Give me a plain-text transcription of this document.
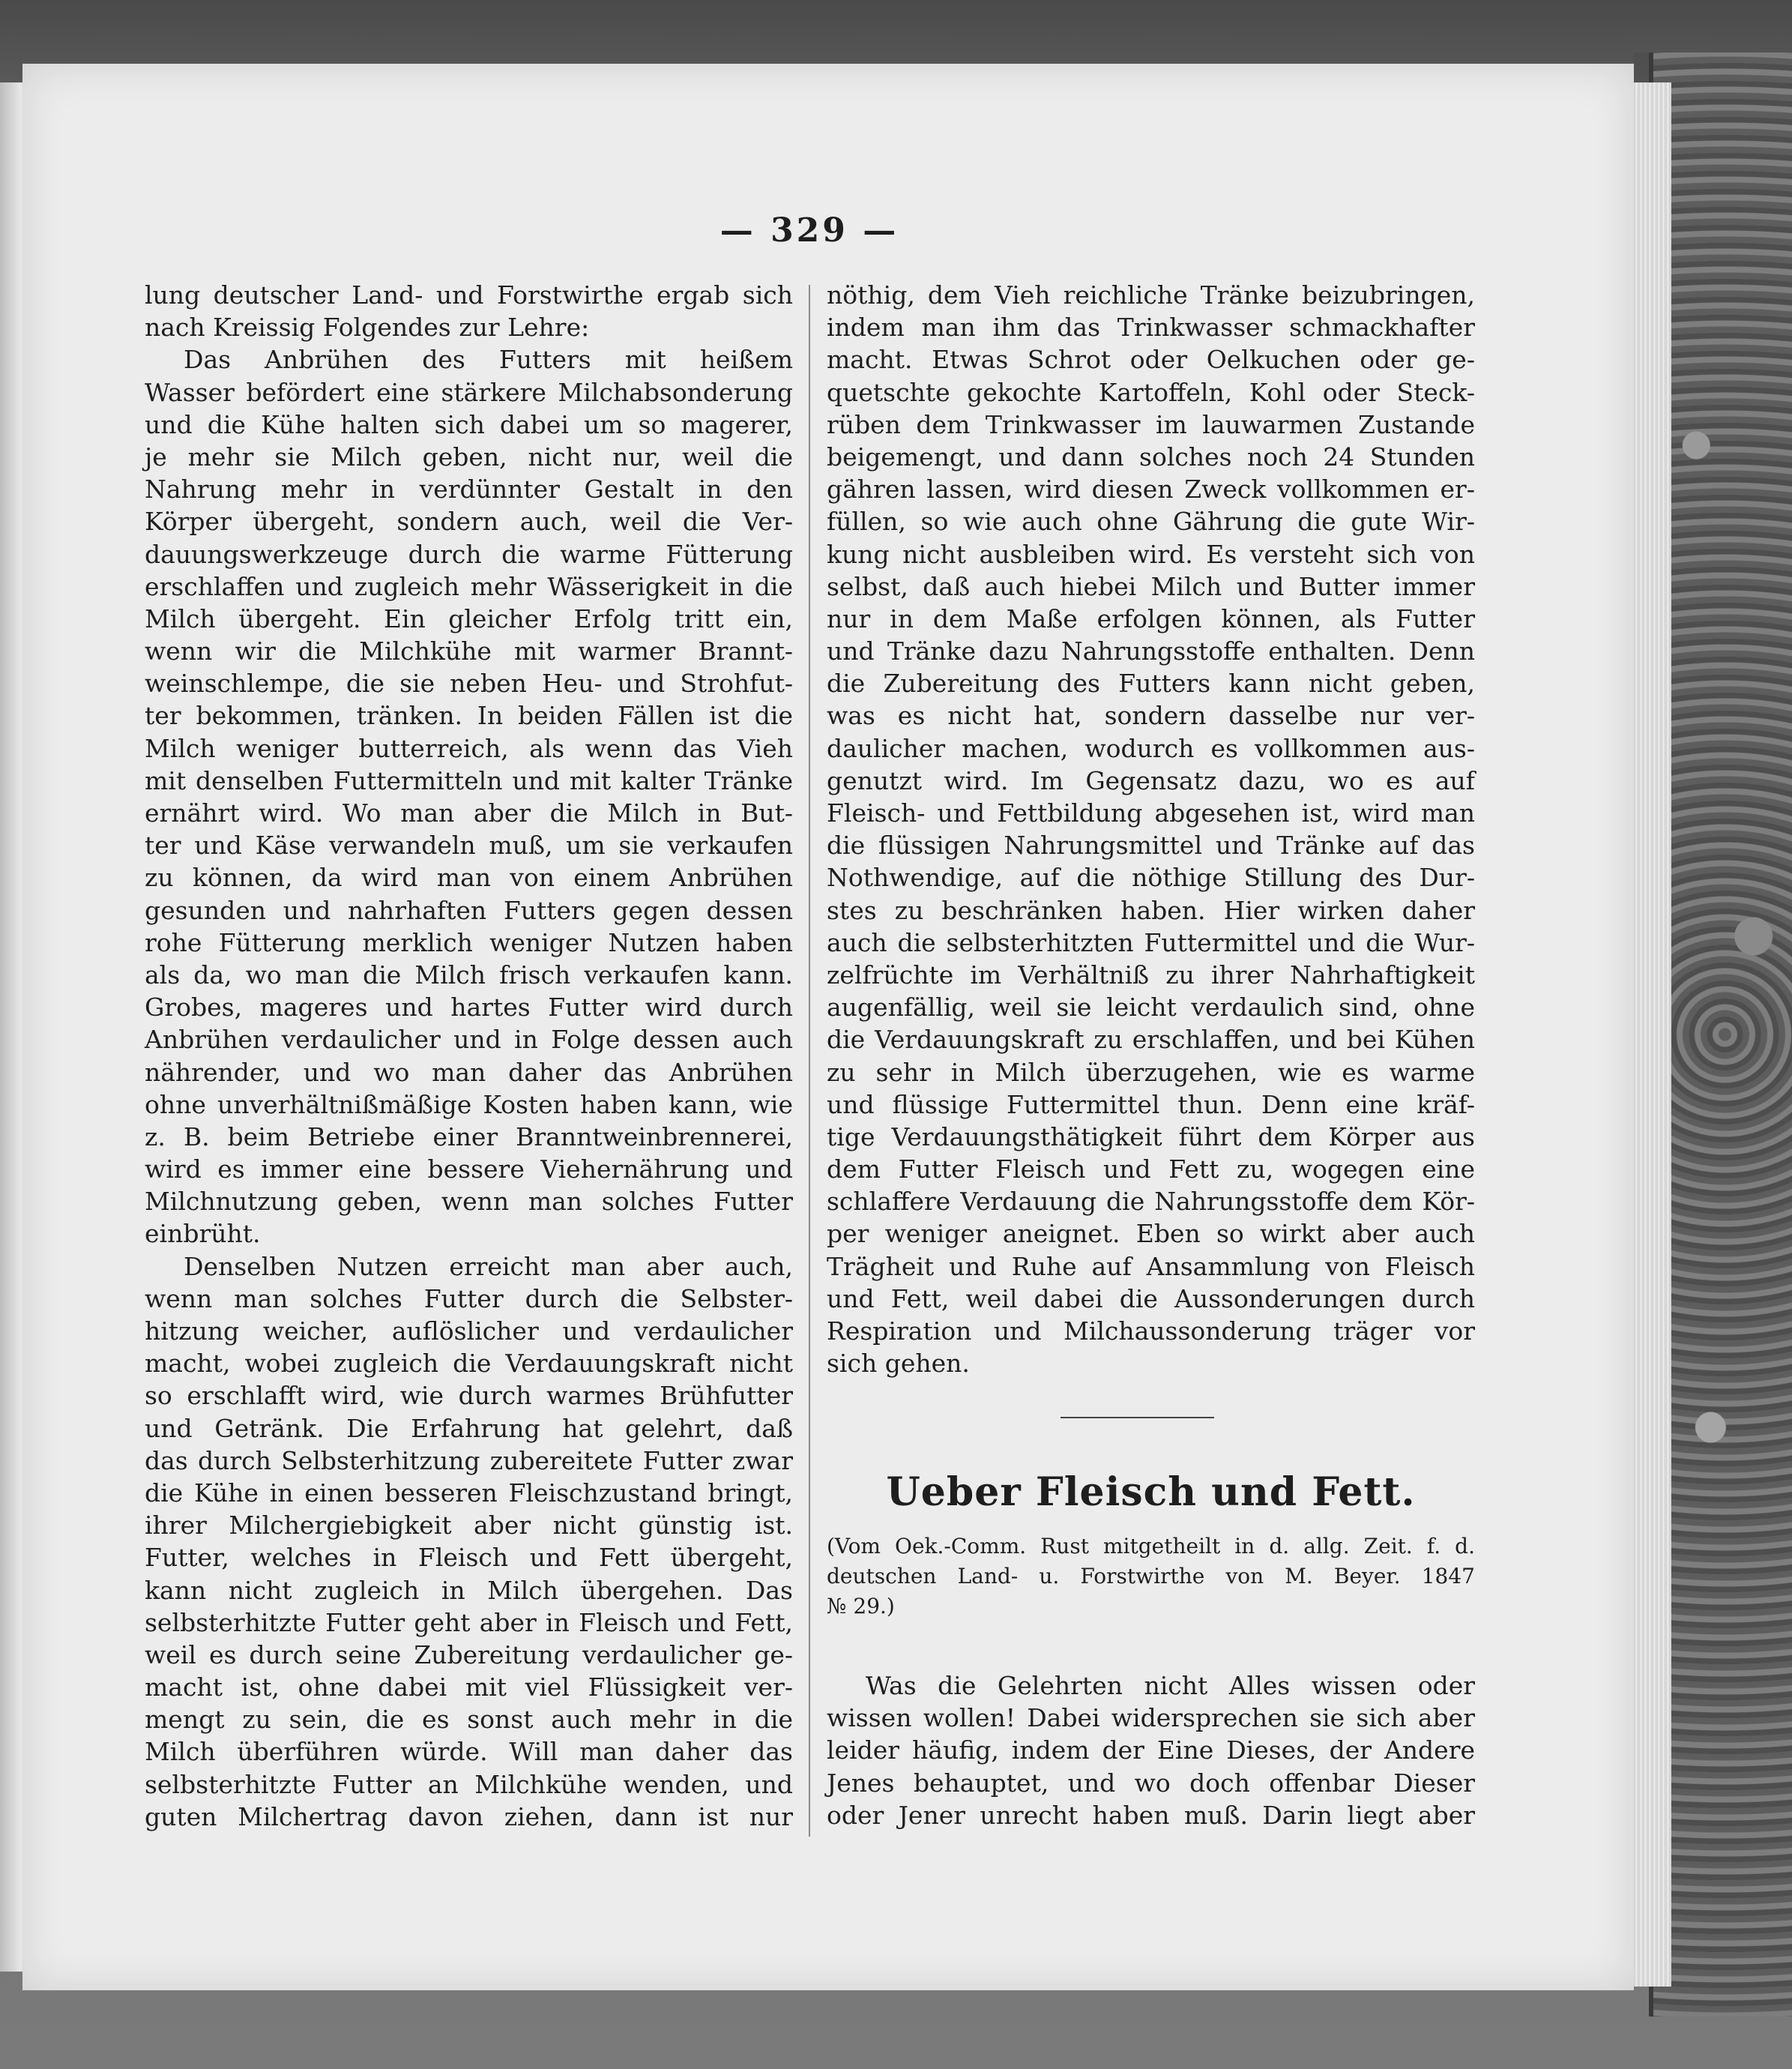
— 329 —
lung deutscher Land- und Forstwirthe ergab sich
nach Kreissig Folgendes zur Lehre:
Das Anbrühen des Futters mit heißem
Wasser befördert eine stärkere Milchabsonderung
und die Kühe halten sich dabei um so magerer,
je mehr sie Milch geben, nicht nur, weil die
Nahrung mehr in verdünnter Gestalt in den
Körper übergeht, sondern auch, weil die Ver-
dauungswerkzeuge durch die warme Fütterung
erschlaffen und zugleich mehr Wässerigkeit in die
Milch übergeht. Ein gleicher Erfolg tritt ein,
wenn wir die Milchkühe mit warmer Brannt-
weinschlempe, die sie neben Heu- und Strohfut-
ter bekommen, tränken. In beiden Fällen ist die
Milch weniger butterreich, als wenn das Vieh
mit denselben Futtermitteln und mit kalter Tränke
ernährt wird. Wo man aber die Milch in But-
ter und Käse verwandeln muß, um sie verkaufen
zu können, da wird man von einem Anbrühen
gesunden und nahrhaften Futters gegen dessen
rohe Fütterung merklich weniger Nutzen haben
als da, wo man die Milch frisch verkaufen kann.
Grobes, mageres und hartes Futter wird durch
Anbrühen verdaulicher und in Folge dessen auch
nährender, und wo man daher das Anbrühen
ohne unverhältnißmäßige Kosten haben kann, wie
z. B. beim Betriebe einer Branntweinbrennerei,
wird es immer eine bessere Viehernährung und
Milchnutzung geben, wenn man solches Futter
einbrüht.
Denselben Nutzen erreicht man aber auch,
wenn man solches Futter durch die Selbster-
hitzung weicher, auflöslicher und verdaulicher
macht, wobei zugleich die Verdauungskraft nicht
so erschlafft wird, wie durch warmes Brühfutter
und Getränk. Die Erfahrung hat gelehrt, daß
das durch Selbsterhitzung zubereitete Futter zwar
die Kühe in einen besseren Fleischzustand bringt,
ihrer Milchergiebigkeit aber nicht günstig ist.
Futter, welches in Fleisch und Fett übergeht,
kann nicht zugleich in Milch übergehen. Das
selbsterhitzte Futter geht aber in Fleisch und Fett,
weil es durch seine Zubereitung verdaulicher ge-
macht ist, ohne dabei mit viel Flüssigkeit ver-
mengt zu sein, die es sonst auch mehr in die
Milch überführen würde. Will man daher das
selbsterhitzte Futter an Milchkühe wenden, und
guten Milchertrag davon ziehen, dann ist nur
nöthig, dem Vieh reichliche Tränke beizubringen,
indem man ihm das Trinkwasser schmackhafter
macht. Etwas Schrot oder Oelkuchen oder ge-
quetschte gekochte Kartoffeln, Kohl oder Steck-
rüben dem Trinkwasser im lauwarmen Zustande
beigemengt, und dann solches noch 24 Stunden
gähren lassen, wird diesen Zweck vollkommen er-
füllen, so wie auch ohne Gährung die gute Wir-
kung nicht ausbleiben wird. Es versteht sich von
selbst, daß auch hiebei Milch und Butter immer
nur in dem Maße erfolgen können, als Futter
und Tränke dazu Nahrungsstoffe enthalten. Denn
die Zubereitung des Futters kann nicht geben,
was es nicht hat, sondern dasselbe nur ver-
daulicher machen, wodurch es vollkommen aus-
genutzt wird. Im Gegensatz dazu, wo es auf
Fleisch- und Fettbildung abgesehen ist, wird man
die flüssigen Nahrungsmittel und Tränke auf das
Nothwendige, auf die nöthige Stillung des Dur-
stes zu beschränken haben. Hier wirken daher
auch die selbsterhitzten Futtermittel und die Wur-
zelfrüchte im Verhältniß zu ihrer Nahrhaftigkeit
augenfällig, weil sie leicht verdaulich sind, ohne
die Verdauungskraft zu erschlaffen, und bei Kühen
zu sehr in Milch überzugehen, wie es warme
und flüssige Futtermittel thun. Denn eine kräf-
tige Verdauungsthätigkeit führt dem Körper aus
dem Futter Fleisch und Fett zu, wogegen eine
schlaffere Verdauung die Nahrungsstoffe dem Kör-
per weniger aneignet. Eben so wirkt aber auch
Trägheit und Ruhe auf Ansammlung von Fleisch
und Fett, weil dabei die Aussonderungen durch
Respiration und Milchaussonderung träger vor
sich gehen.
Ueber Fleisch und Fett.
(Vom Oek.-Comm. Rust mitgetheilt in d. allg. Zeit. f. d.
deutschen Land- u. Forstwirthe von M. Beyer. 1847
№ 29.)
Was die Gelehrten nicht Alles wissen oder
wissen wollen! Dabei widersprechen sie sich aber
leider häufig, indem der Eine Dieses, der Andere
Jenes behauptet, und wo doch offenbar Dieser
oder Jener unrecht haben muß. Darin liegt aber
